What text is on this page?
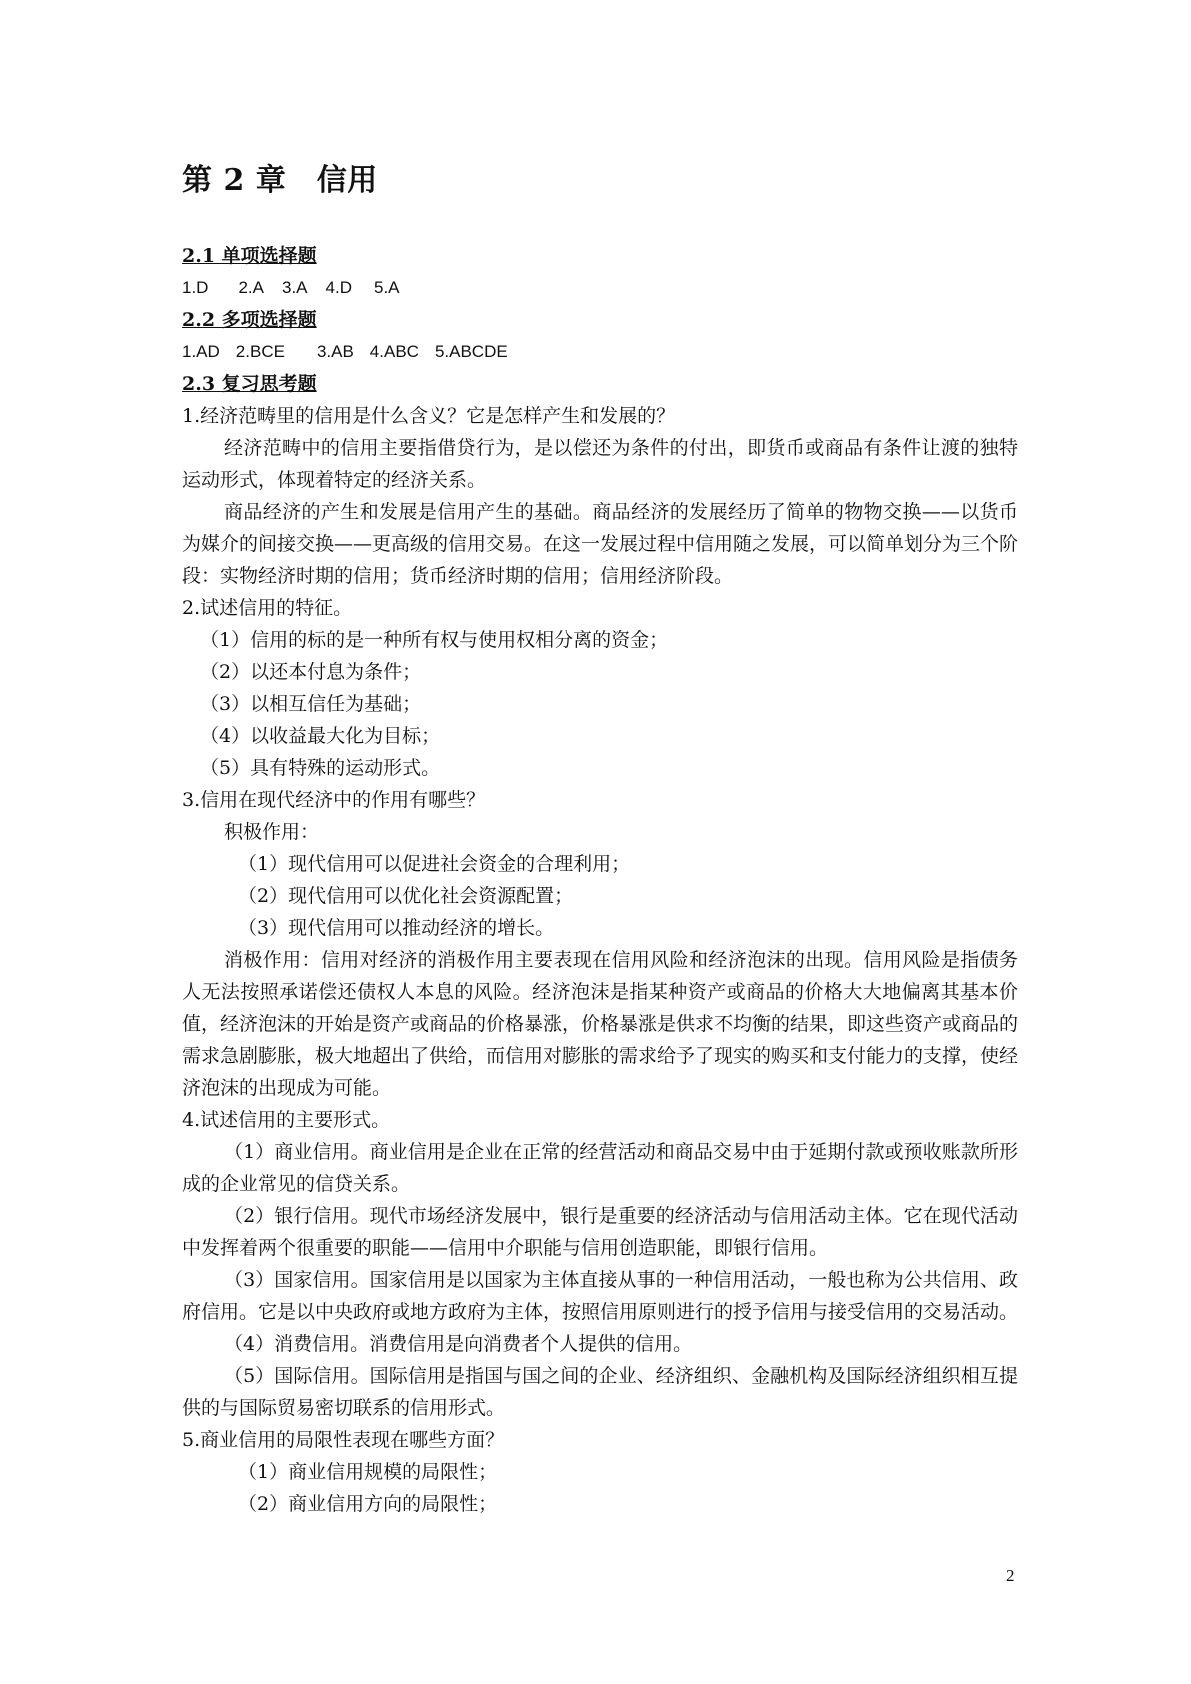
第 2 章　信用

2.1 单项选择题

1.D 2.A 3.A 4.D 5.A

2.2 多项选择题

1.AD 2.BCE 3.AB 4.ABC 5.ABCDE

2.3 复习思考题

1.经济范畴里的信用是什么含义？它是怎样产生和发展的？

经济范畴中的信用主要指借贷行为，是以偿还为条件的付出，即货币或商品有条件让渡的独特运动形式，体现着特定的经济关系。

商品经济的产生和发展是信用产生的基础。商品经济的发展经历了简单的物物交换——以货币为媒介的间接交换——更高级的信用交易。在这一发展过程中信用随之发展，可以简单划分为三个阶段：实物经济时期的信用；货币经济时期的信用；信用经济阶段。

2.试述信用的特征。

（1）信用的标的是一种所有权与使用权相分离的资金；

（2）以还本付息为条件；

（3）以相互信任为基础；

（4）以收益最大化为目标；

（5）具有特殊的运动形式。

3.信用在现代经济中的作用有哪些？

积极作用：

（1）现代信用可以促进社会资金的合理利用；

（2）现代信用可以优化社会资源配置；

（3）现代信用可以推动经济的增长。

消极作用：信用对经济的消极作用主要表现在信用风险和经济泡沫的出现。信用风险是指债务人无法按照承诺偿还债权人本息的风险。经济泡沫是指某种资产或商品的价格大大地偏离其基本价值，经济泡沫的开始是资产或商品的价格暴涨，价格暴涨是供求不均衡的结果，即这些资产或商品的需求急剧膨胀，极大地超出了供给，而信用对膨胀的需求给予了现实的购买和支付能力的支撑，使经济泡沫的出现成为可能。

4.试述信用的主要形式。

（1）商业信用。商业信用是企业在正常的经营活动和商品交易中由于延期付款或预收账款所形成的企业常见的信贷关系。

（2）银行信用。现代市场经济发展中，银行是重要的经济活动与信用活动主体。它在现代活动中发挥着两个很重要的职能——信用中介职能与信用创造职能，即银行信用。

（3）国家信用。国家信用是以国家为主体直接从事的一种信用活动，一般也称为公共信用、政府信用。它是以中央政府或地方政府为主体，按照信用原则进行的授予信用与接受信用的交易活动。

（4）消费信用。消费信用是向消费者个人提供的信用。

（5）国际信用。国际信用是指国与国之间的企业、经济组织、金融机构及国际经济组织相互提供的与国际贸易密切联系的信用形式。

5.商业信用的局限性表现在哪些方面？

（1）商业信用规模的局限性；

（2）商业信用方向的局限性；

2
